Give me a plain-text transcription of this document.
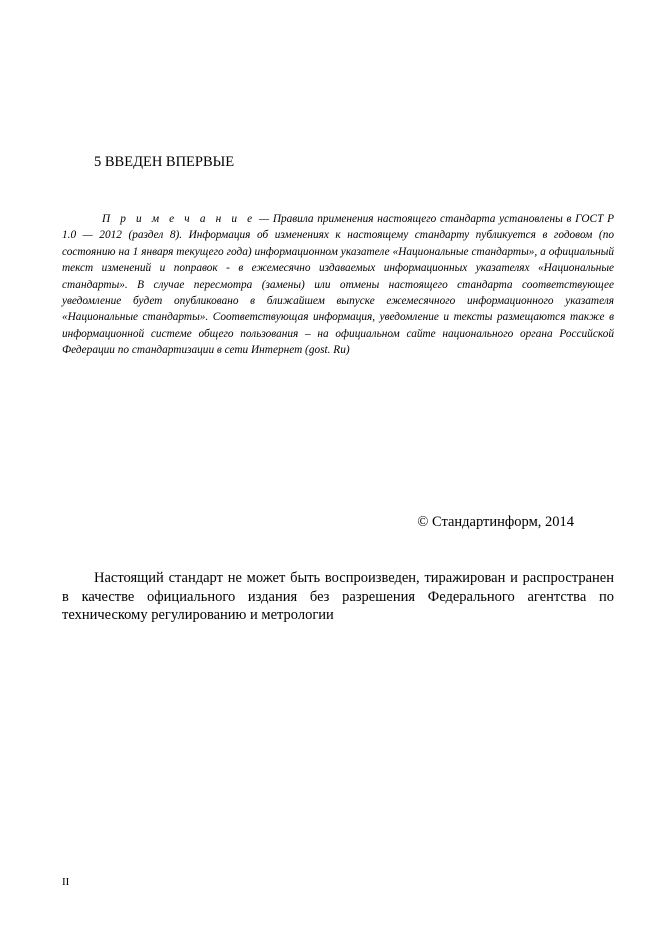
5 ВВЕДЕН ВПЕРВЫЕ

П р и м е ч а н и е — Правила применения настоящего стандарта установлены в ГОСТ Р 1.0 — 2012 (раздел 8). Информация об изменениях к настоящему стандарту публикуется в годовом (по состоянию на 1 января текущего года) информационном указателе «Национальные стандарты», а официальный текст изменений и поправок - в ежемесячно издаваемых информационных указателях «Национальные стандарты». В случае пересмотра (замены) или отмены настоящего стандарта соответствующее уведомление будет опубликовано в ближайшем выпуске ежемесячного информационного указателя «Национальные стандарты». Соответствующая информация, уведомление и тексты размещаются также в информационной системе общего пользования – на официальном сайте национального органа Российской Федерации по стандартизации в сети Интернет (gost. Ru)

© Стандартинформ, 2014

Настоящий стандарт не может быть воспроизведен, тиражирован и распространен в качестве официального издания без разрешения Федерального агентства по техническому регулированию и метрологии

II
